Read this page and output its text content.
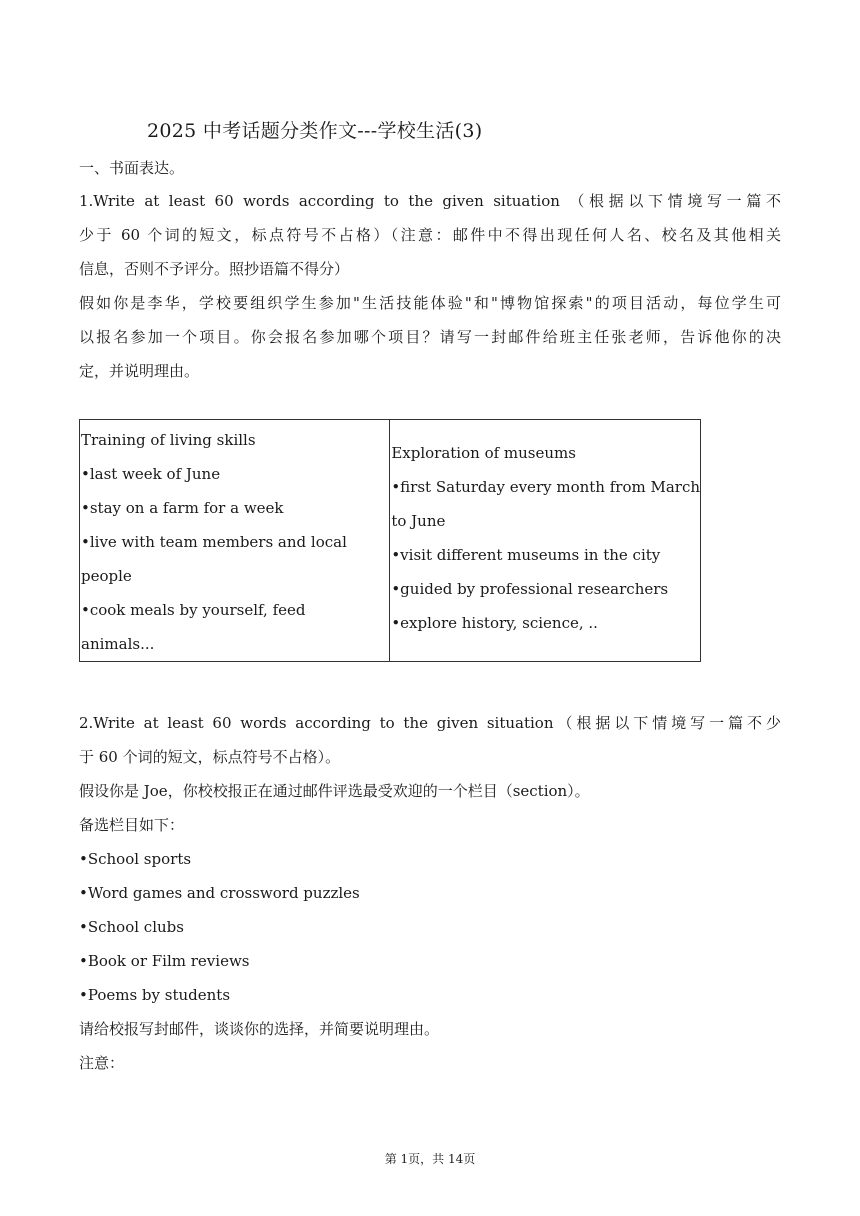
2025 中考话题分类作文---学校生活(3)
一、书面表达。
1.Write at least 60 words according to the given situation （根据以下情境写一篇不
少于 60 个词的短文，标点符号不占格）（注意：邮件中不得出现任何人名、校名及其他相关
信息，否则不予评分。照抄语篇不得分）
假如你是李华，学校要组织学生参加"生活技能体验"和"博物馆探索"的项目活动，每位学生可
以报名参加一个项目。你会报名参加哪个项目？请写一封邮件给班主任张老师，告诉他你的决
定，并说明理由。
Training of living skills
•last week of June
•stay on a farm for a week
•live with team members and local
people
•cook meals by yourself, feed
animals...

Exploration of museums
•first Saturday every month from March
to June
•visit different museums in the city
•guided by professional researchers
•explore history, science, ..
2.Write at least 60 words according to the given situation（根据以下情境写一篇不少
于 60 个词的短文，标点符号不占格）。
假设你是 Joe，你校校报正在通过邮件评选最受欢迎的一个栏目（section）。
备选栏目如下：
•School sports
•Word games and crossword puzzles
•School clubs
•Book or Film reviews
•Poems by students
请给校报写封邮件，谈谈你的选择，并简要说明理由。
注意：
第 1页，共 14页
